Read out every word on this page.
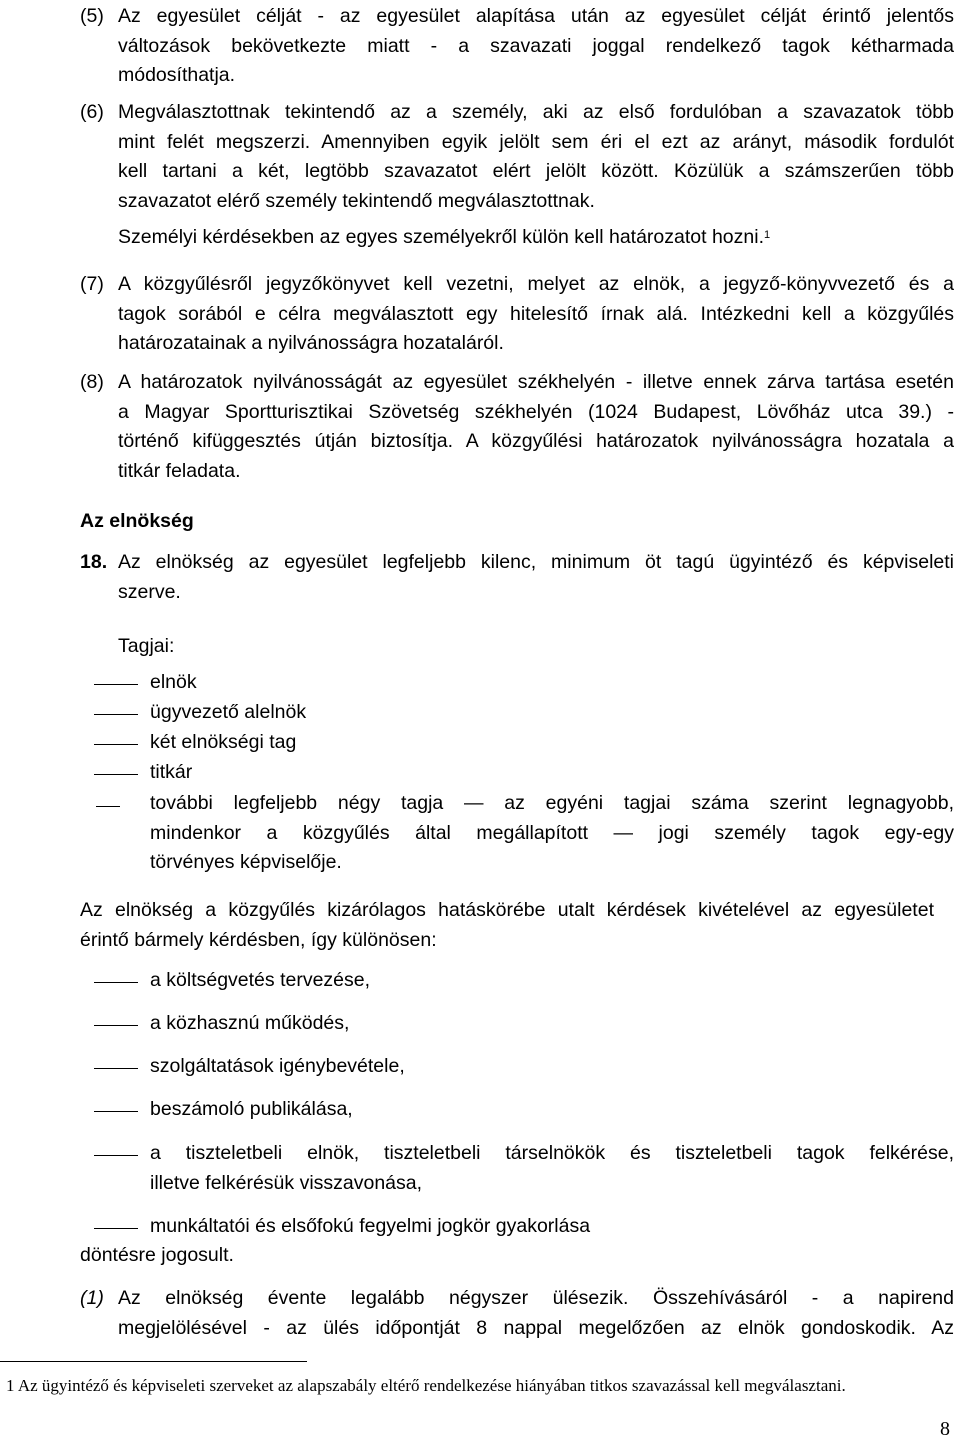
(5) Az egyesület célját - az egyesület alapítása után az egyesület célját érintő jelentős
változások bekövetkezte miatt - a szavazati joggal rendelkező tagok kétharmada
módosíthatja.
(6) Megválasztottnak tekintendő az a személy, aki az első fordulóban a szavazatok több
mint felét megszerzi. Amennyiben egyik jelölt sem éri el ezt az arányt, második fordulót
kell tartani a két, legtöbb szavazatot elért jelölt között. Közülük a számszerűen több
szavazatot elérő személy tekintendő megválasztottnak.
Személyi kérdésekben az egyes személyekről külön kell határozatot hozni.$^1$
(7) A közgyűlésről jegyzőkönyvet kell vezetni, melyet az elnök, a jegyző-könyvvezető és a
tagok sorából e célra megválasztott egy hitelesítő írnak alá. Intézkedni kell a közgyűlés
határozatainak a nyilvánosságra hozataláról.
(8) A határozatok nyilvánosságát az egyesület székhelyén - illetve ennek zárva tartása esetén
a Magyar Sportturisztikai Szövetség székhelyén (1024 Budapest, Lövőház utca 39.) -
történő kifüggesztés útján biztosítja. A közgyűlési határozatok nyilvánosságra hozatala a
titkár feladata.
Az elnökség
18. Az elnökség az egyesület legfeljebb kilenc, minimum öt tagú ügyintéző és képviseleti
szerve.
Tagjai:
elnök
ügyvezető alelnök
két elnökségi tag
titkár
további legfeljebb négy tagja — az egyéni tagjai száma szerint legnagyobb,
mindenkor a közgyűlés által megállapított — jogi személy tagok egy-egy
törvényes képviselője.
Az elnökség a közgyűlés kizárólagos hatáskörébe utalt kérdések kivételével az egyesületet
érintő bármely kérdésben, így különösen:
a költségvetés tervezése,
a közhasznú működés,
szolgáltatások igénybevétele,
beszámoló publikálása,
a tiszteletbeli elnök, tiszteletbeli társelnökök és tiszteletbeli tagok felkérése,
illetve felkérésük visszavonása,
munkáltatói és elsőfokú fegyelmi jogkör gyakorlása
döntésre jogosult.
(1) Az elnökség évente legalább négyszer ülésezik. Összehívásáról - a napirend
megjelölésével - az ülés időpontját 8 nappal megelőzően az elnök gondoskodik. Az
1 Az ügyintéző és képviseleti szerveket az alapszabály eltérő rendelkezése hiányában titkos szavazással kell megválasztani.
8
